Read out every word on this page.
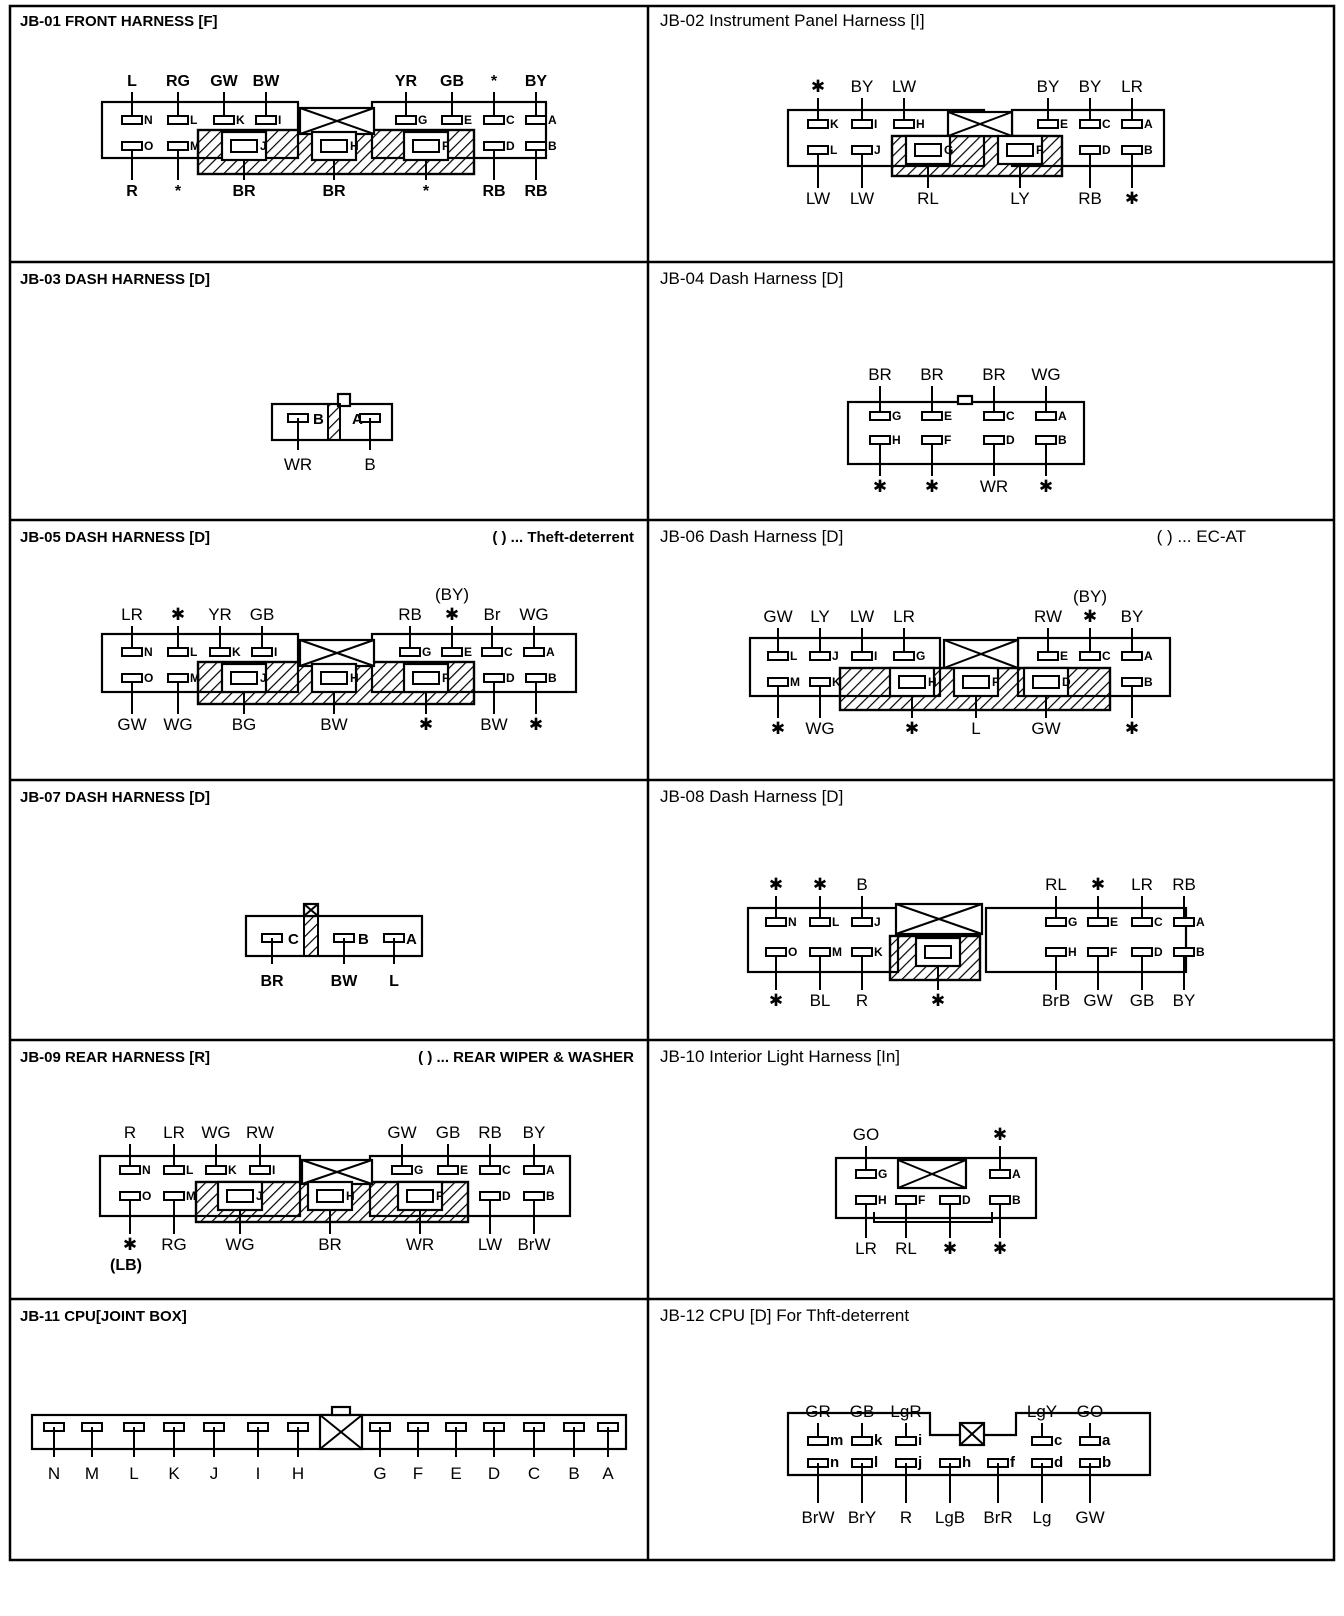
JB-01 FRONT HARNESS [F]
L
N
RG
L
GW
K
BW
I
YR
G
GB
E
*
C
BY
A
R
O
*
M
BR
J
BR
H
*
F
RB
D
RB
B
JB-02 Instrument Panel Harness [I]
✱
K
BY
I
LW
H
BY
E
BY
C
LR
A
LW
L
LW
J
RL
G
LY
F
RB
D
✱
B
JB-03 DASH HARNESS [D]
WR
B
B
A
JB-04 Dash Harness [D]
BR
G
BR
E
BR
C
WG
A
✱
H
✱
F
WR
D
✱
B
JB-05 DASH HARNESS [D]	( ) ... Theft-deterrent
LR
N
✱
L
YR
K
GB
I
RB
G
✱
E
(BY)
Br
C
WG
A
GW
O
WG
M
BG
J
BW
H
✱
F
BW
D
✱
B
JB-06 Dash Harness [D]	( ) ... EC-AT
GW
L
LY
J
LW
I
LR
G
RW
E
✱
C
(BY)
BY
A
✱
M
WG
K
✱
H
L
F
GW
D
✱
B
JB-07 DASH HARNESS [D]
BR
C
BW
B
L
A
JB-08 Dash Harness [D]
✱
N
✱
L
B
J
RL
G
✱
E
LR
C
RB
A
✱
O
BL
M
R
K
✱	BrB
H
GW
F
GB
D
BY
B
JB-09 REAR HARNESS [R]	( ) ... REAR WIPER & WASHER
R
N
LR
L
WG
K
RW
I
GW
G
GB
E
RB
C
BY
A
✱
O
(LB)
RG
M
WG
J
BR
H
WR
F
LW
D
BrW
B
JB-10 Interior Light Harness [In]
GO
G
✱
A
LR
H
RL
F
✱
D
✱
B
JB-11 CPU[JOINT BOX]
N M L K J I H	G F E D C B A
JB-12 CPU [D] For Thft-deterrent
GR
m
GB
k
LgR
i
LgY
c
GO
a
BrW
n
BrY
l
R
j
LgB
h
BrR
f
Lg
d
GW
b
